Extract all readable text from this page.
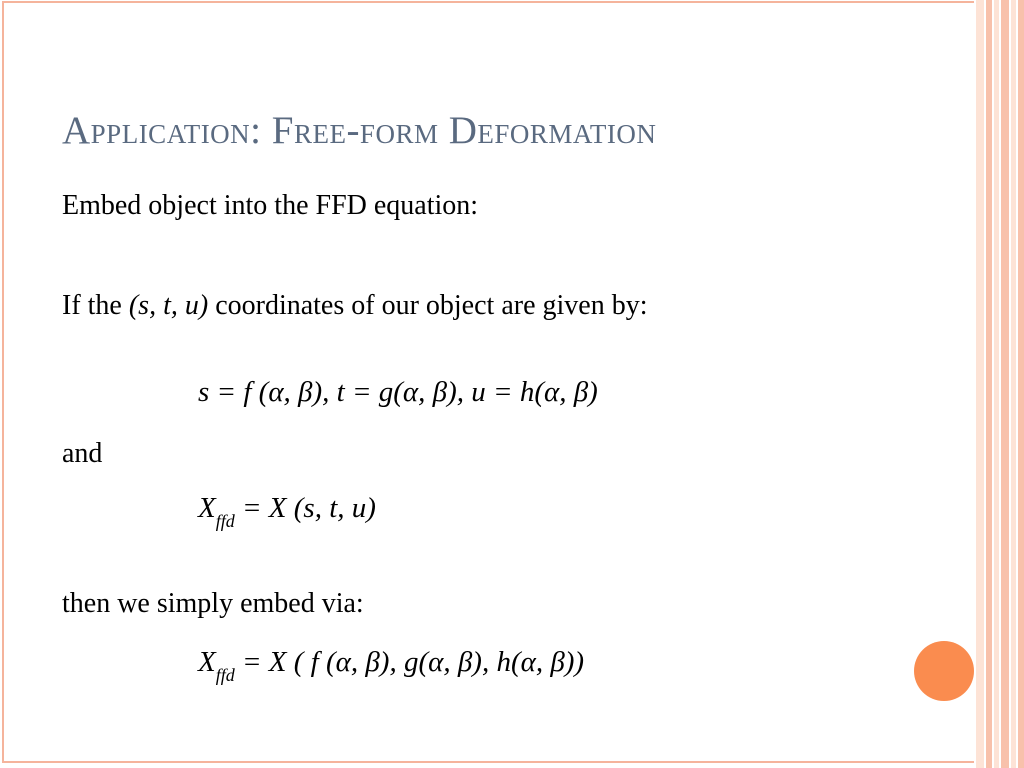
Application: Free-form Deformation
Embed object into the FFD equation:
If the (s, t, u) coordinates of our object are given by:
s = f (α, β), t = g(α, β), u = h(α, β)
and
$X_{ffd} = X$ (s, t, u)
then we simply embed via:
$X_{ffd} = X$ ( f (α, β), g(α, β), h(α, β))
